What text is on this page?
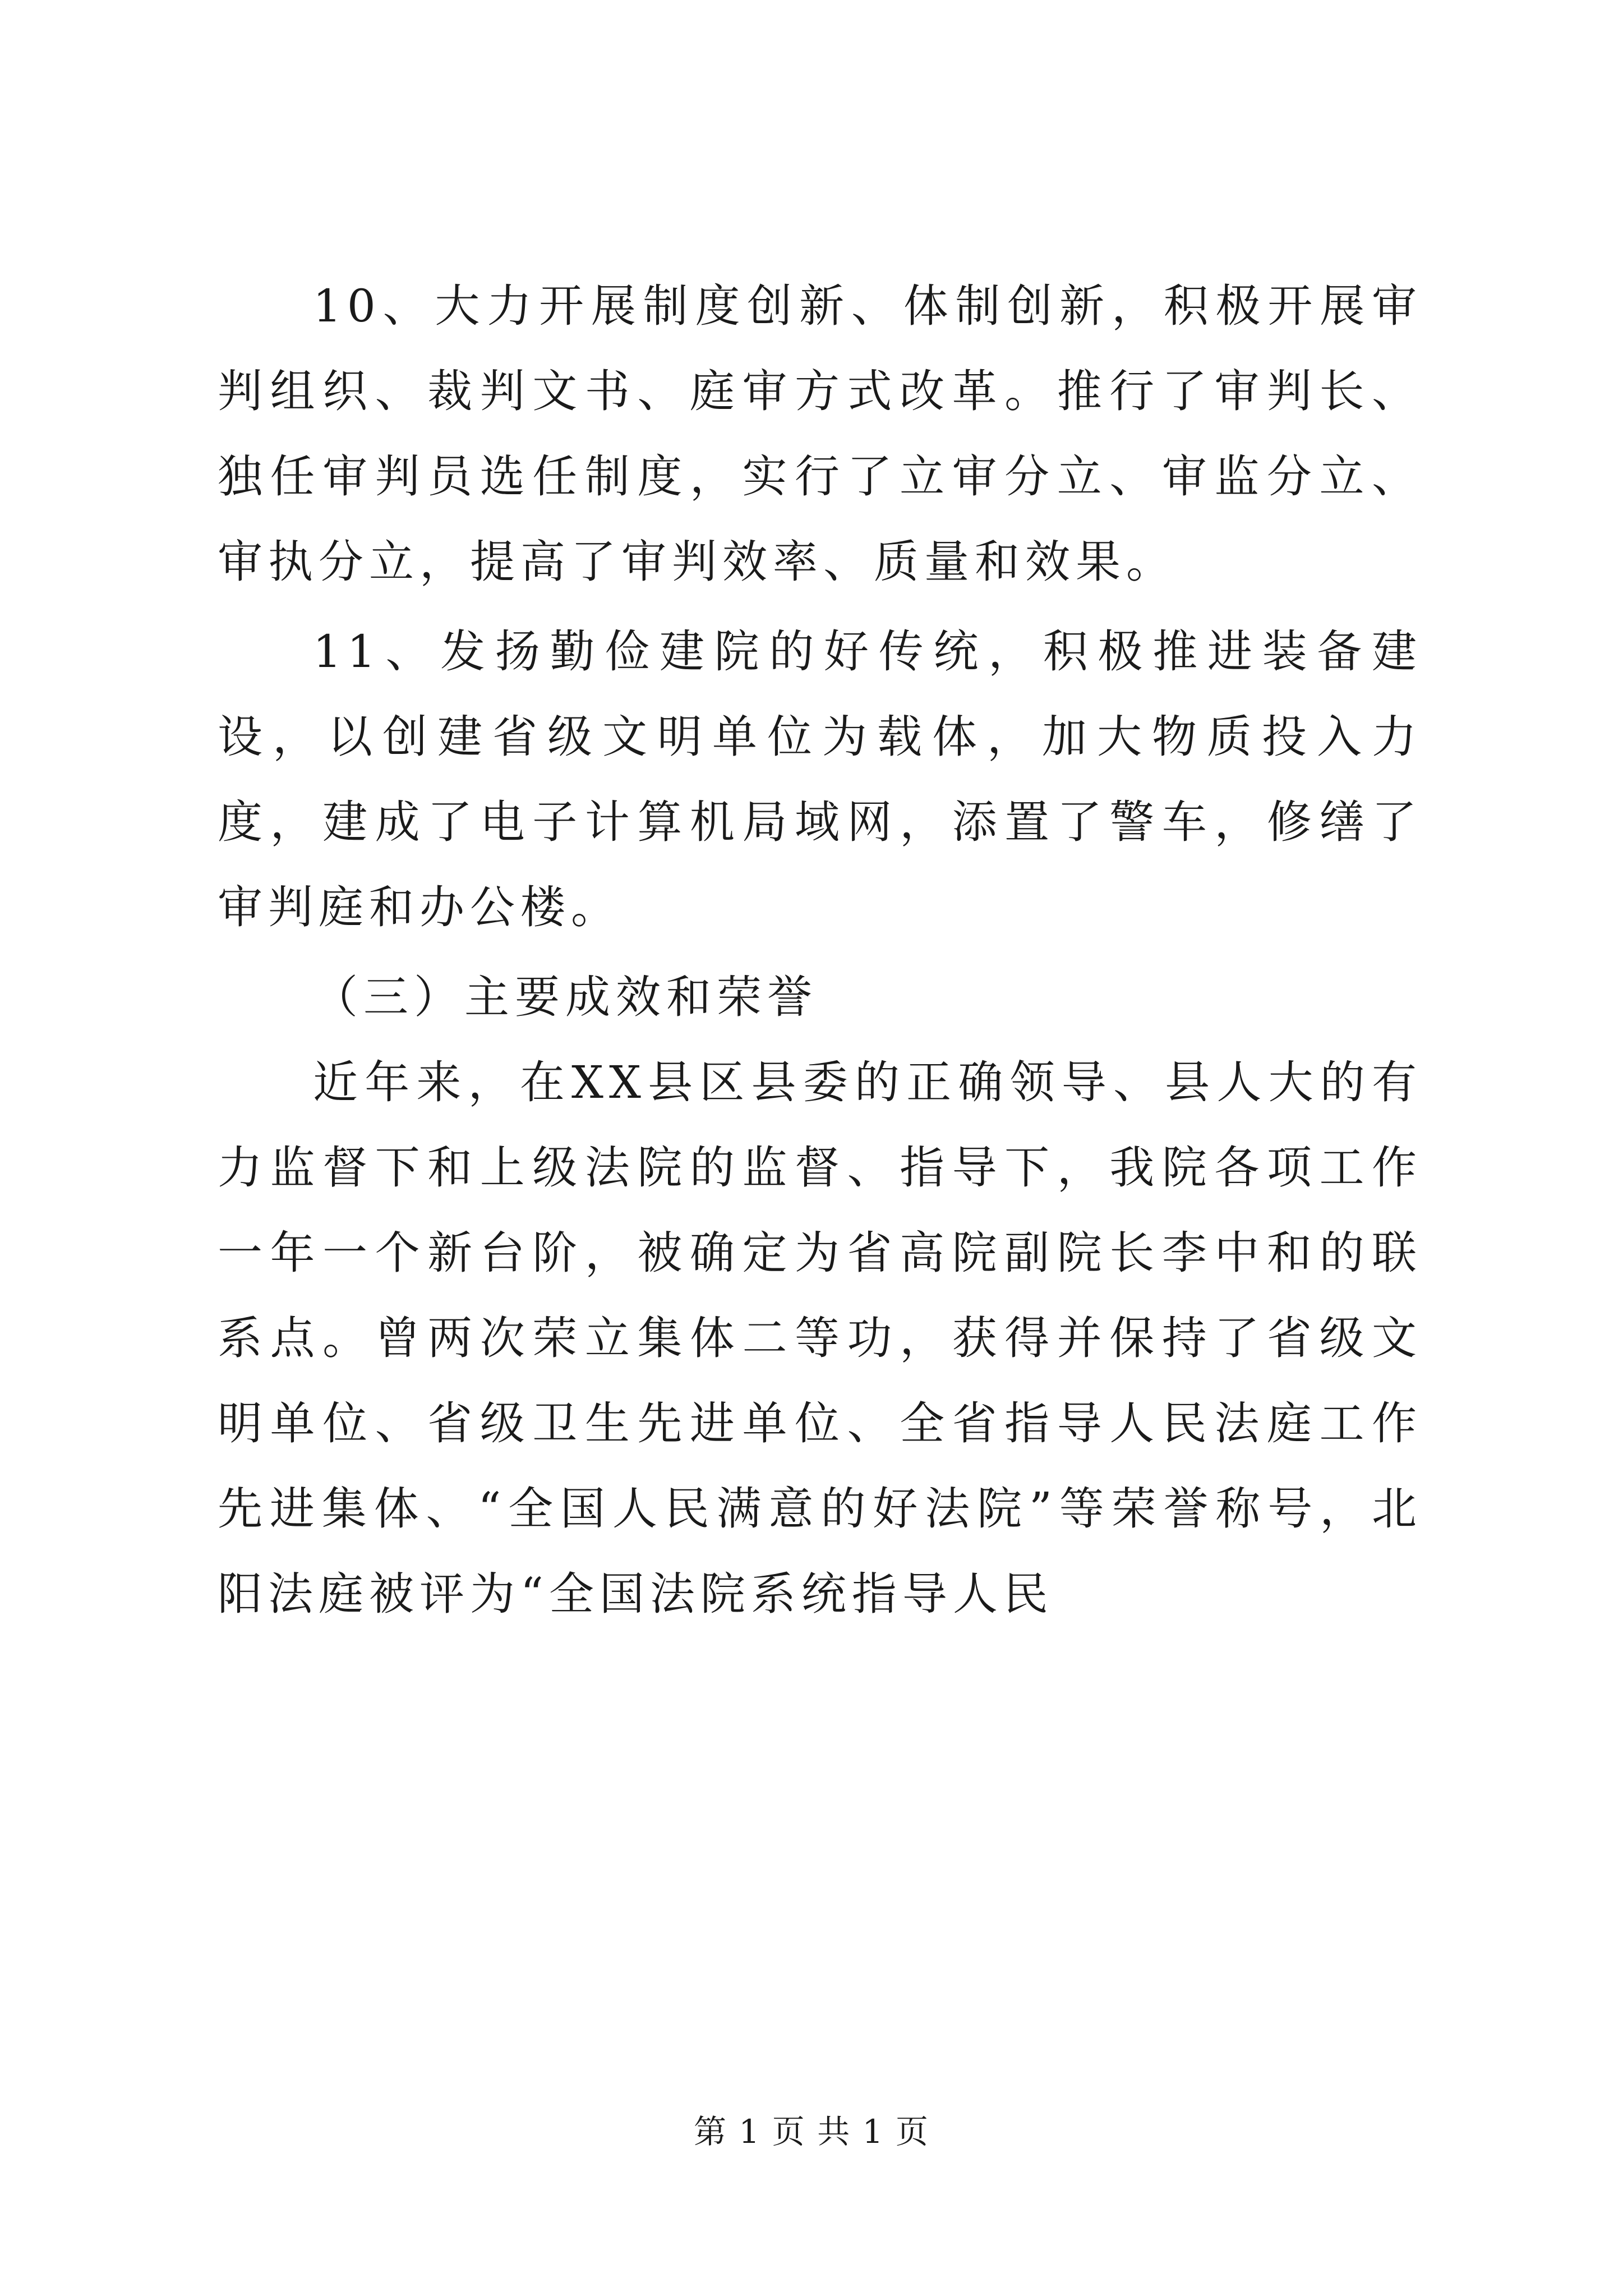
10、大力开展制度创新、体制创新，积极开展审判组织、裁判文书、庭审方式改革。推行了审判长、独任审判员选任制度，实行了立审分立、审监分立、审执分立，提高了审判效率、质量和效果。

11、发扬勤俭建院的好传统，积极推进装备建设，以创建省级文明单位为载体，加大物质投入力度，建成了电子计算机局域网，添置了警车，修缮了审判庭和办公楼。

（三）主要成效和荣誉

近年来，在XX县区县委的正确领导、县人大的有力监督下和上级法院的监督、指导下，我院各项工作一年一个新台阶，被确定为省高院副院长李中和的联系点。曾两次荣立集体二等功，获得并保持了省级文明单位、省级卫生先进单位、全省指导人民法庭工作先进集体、“全国人民满意的好法院”等荣誉称号，北阳法庭被评为“全国法院系统指导人民

第 1 页 共 1 页
